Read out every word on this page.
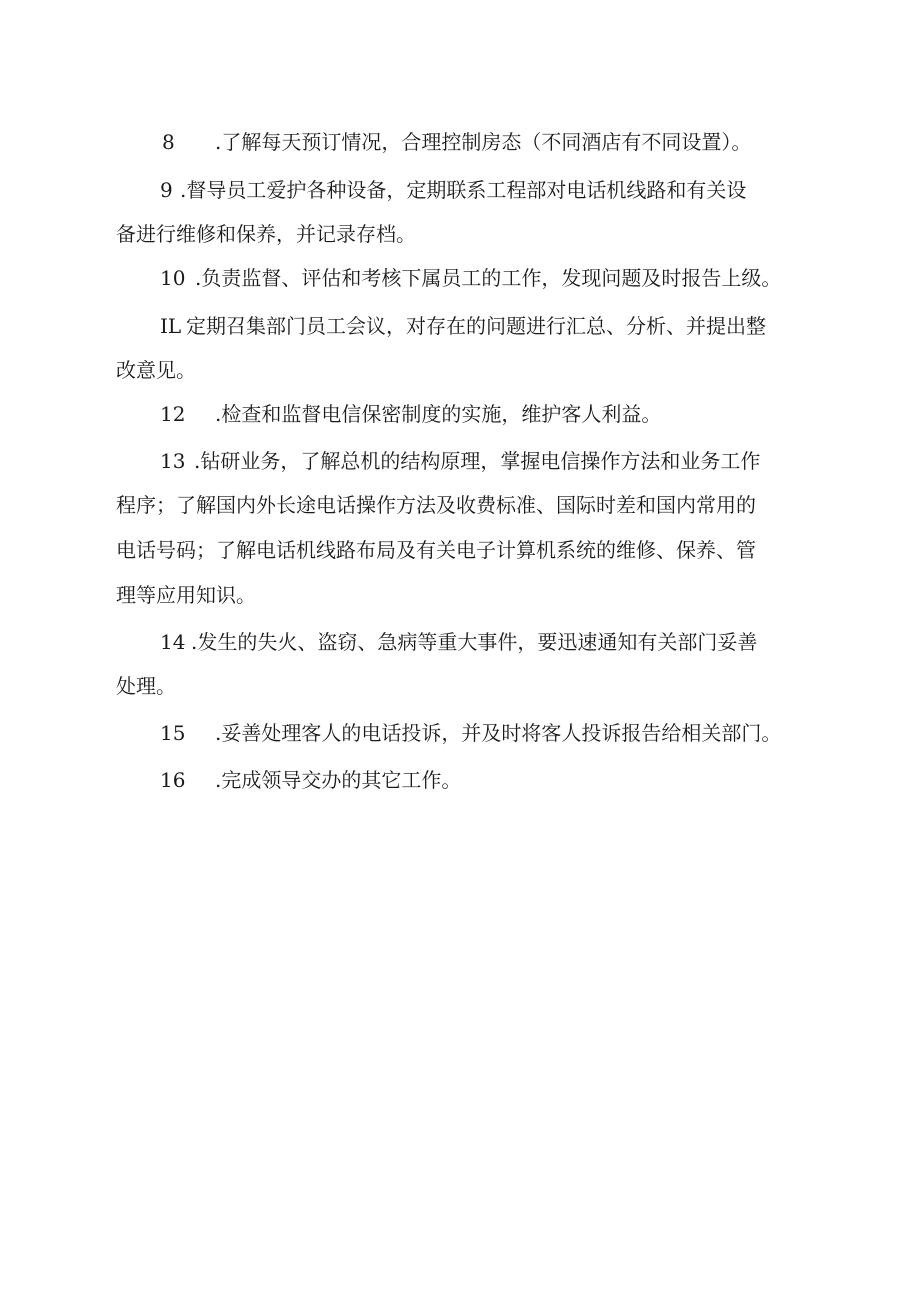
8 .了解每天预订情况，合理控制房态（不同酒店有不同设置）。
9 .督导员工爱护各种设备，定期联系工程部对电话机线路和有关设
备进行维修和保养，并记录存档。
10 .负责监督、评估和考核下属员工的工作，发现问题及时报告上级。
IL 定期召集部门员工会议，对存在的问题进行汇总、分析、并提出整
改意见。
12 .检查和监督电信保密制度的实施，维护客人利益。
13 .钻研业务，了解总机的结构原理，掌握电信操作方法和业务工作
程序；了解国内外长途电话操作方法及收费标准、国际时差和国内常用的
电话号码；了解电话机线路布局及有关电子计算机系统的维修、保养、管
理等应用知识。
14 .发生的失火、盗窃、急病等重大事件，要迅速通知有关部门妥善
处理。
15 .妥善处理客人的电话投诉，并及时将客人投诉报告给相关部门。
16 .完成领导交办的其它工作。
